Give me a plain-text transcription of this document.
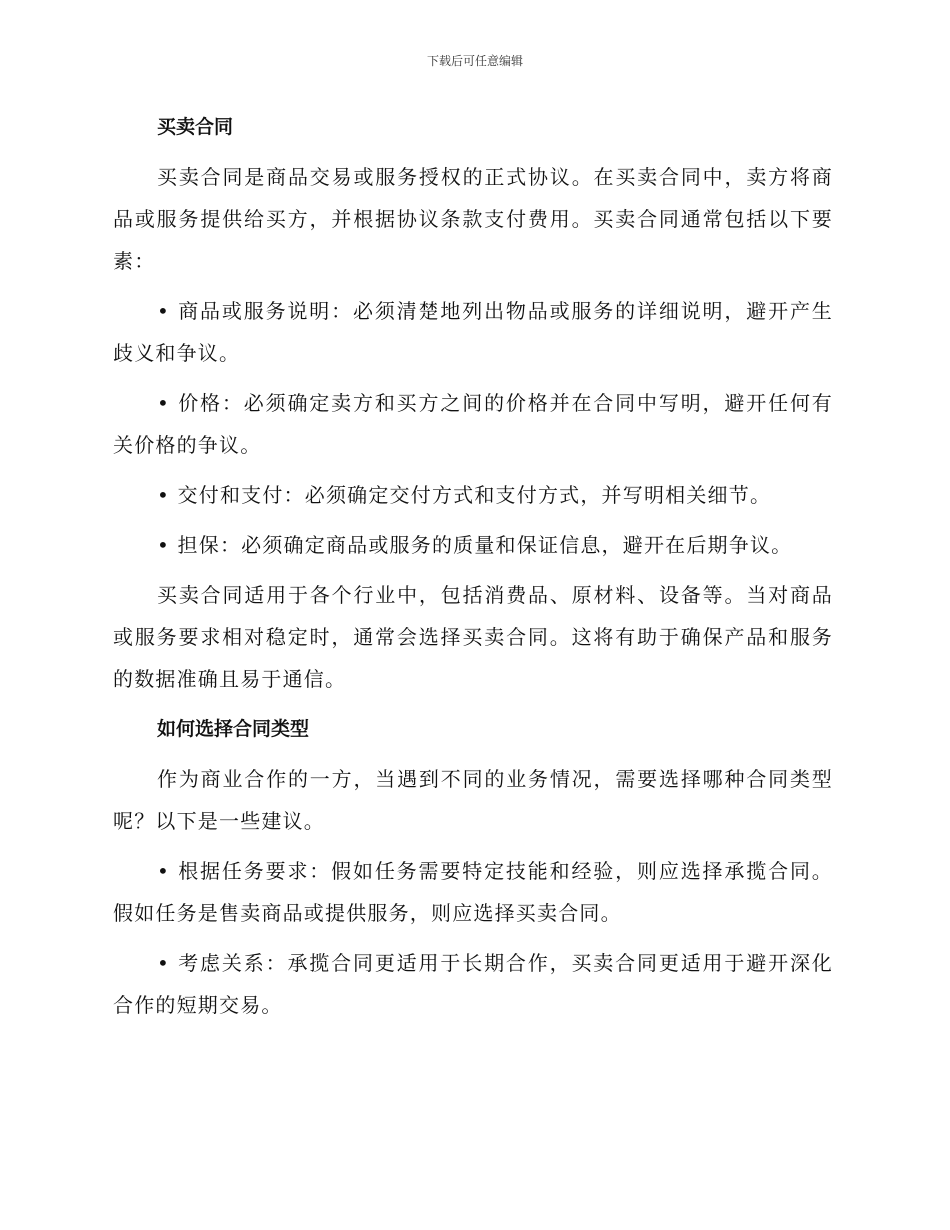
下载后可任意编辑
买卖合同

买卖合同是商品交易或服务授权的正式协议。在买卖合同中，卖方将商品或服务提供给买方，并根据协议条款支付费用。买卖合同通常包括以下要素：

• 商品或服务说明：必须清楚地列出物品或服务的详细说明，避开产生歧义和争议。

• 价格：必须确定卖方和买方之间的价格并在合同中写明，避开任何有关价格的争议。

• 交付和支付：必须确定交付方式和支付方式，并写明相关细节。

• 担保：必须确定商品或服务的质量和保证信息，避开在后期争议。

买卖合同适用于各个行业中，包括消费品、原材料、设备等。当对商品或服务要求相对稳定时，通常会选择买卖合同。这将有助于确保产品和服务的数据准确且易于通信。

如何选择合同类型

作为商业合作的一方，当遇到不同的业务情况，需要选择哪种合同类型呢？以下是一些建议。

• 根据任务要求：假如任务需要特定技能和经验，则应选择承揽合同。假如任务是售卖商品或提供服务，则应选择买卖合同。

• 考虑关系：承揽合同更适用于长期合作，买卖合同更适用于避开深化合作的短期交易。
